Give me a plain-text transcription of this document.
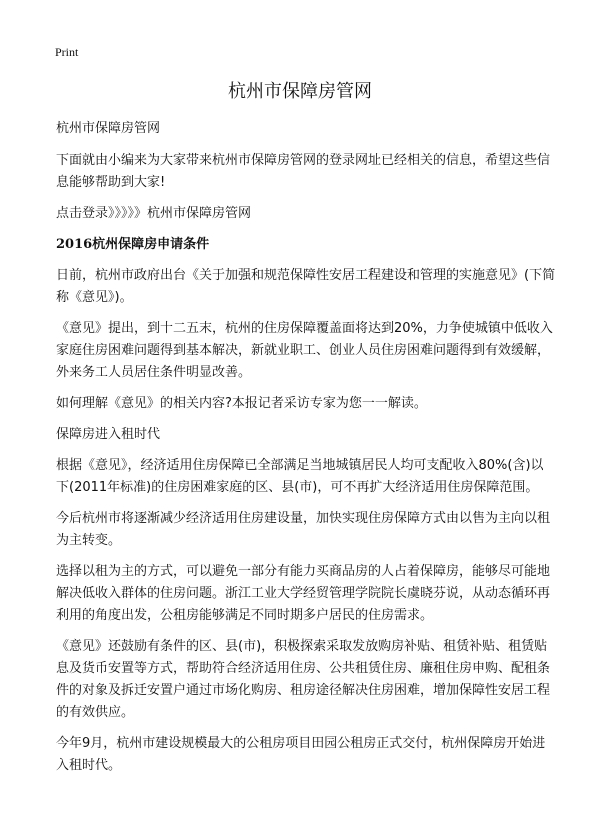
Print
杭州市保障房管网

杭州市保障房管网

下面就由小编来为大家带来杭州市保障房管网的登录网址已经相关的信息，希望这些信息能够帮助到大家!

点击登录》》》》》杭州市保障房管网

2016杭州保障房申请条件

日前，杭州市政府出台《关于加强和规范保障性安居工程建设和管理的实施意见》(下简称《意见》)。

《意见》提出，到十二五末，杭州的住房保障覆盖面将达到20%，力争使城镇中低收入家庭住房困难问题得到基本解决，新就业职工、创业人员住房困难问题得到有效缓解，外来务工人员居住条件明显改善。

如何理解《意见》的相关内容?本报记者采访专家为您一一解读。

保障房进入租时代

根据《意见》，经济适用住房保障已全部满足当地城镇居民人均可支配收入80%(含)以下(2011年标准)的住房困难家庭的区、县(市)，可不再扩大经济适用住房保障范围。

今后杭州市将逐渐减少经济适用住房建设量，加快实现住房保障方式由以售为主向以租为主转变。

选择以租为主的方式，可以避免一部分有能力买商品房的人占着保障房，能够尽可能地解决低收入群体的住房问题。浙江工业大学经贸管理学院院长虞晓芬说，从动态循环再利用的角度出发，公租房能够满足不同时期多户居民的住房需求。

《意见》还鼓励有条件的区、县(市)，积极探索采取发放购房补贴、租赁补贴、租赁贴息及货币安置等方式，帮助符合经济适用住房、公共租赁住房、廉租住房申购、配租条件的对象及拆迁安置户通过市场化购房、租房途径解决住房困难，增加保障性安居工程的有效供应。

今年9月，杭州市建设规模最大的公租房项目田园公租房正式交付，杭州保障房开始进入租时代。
